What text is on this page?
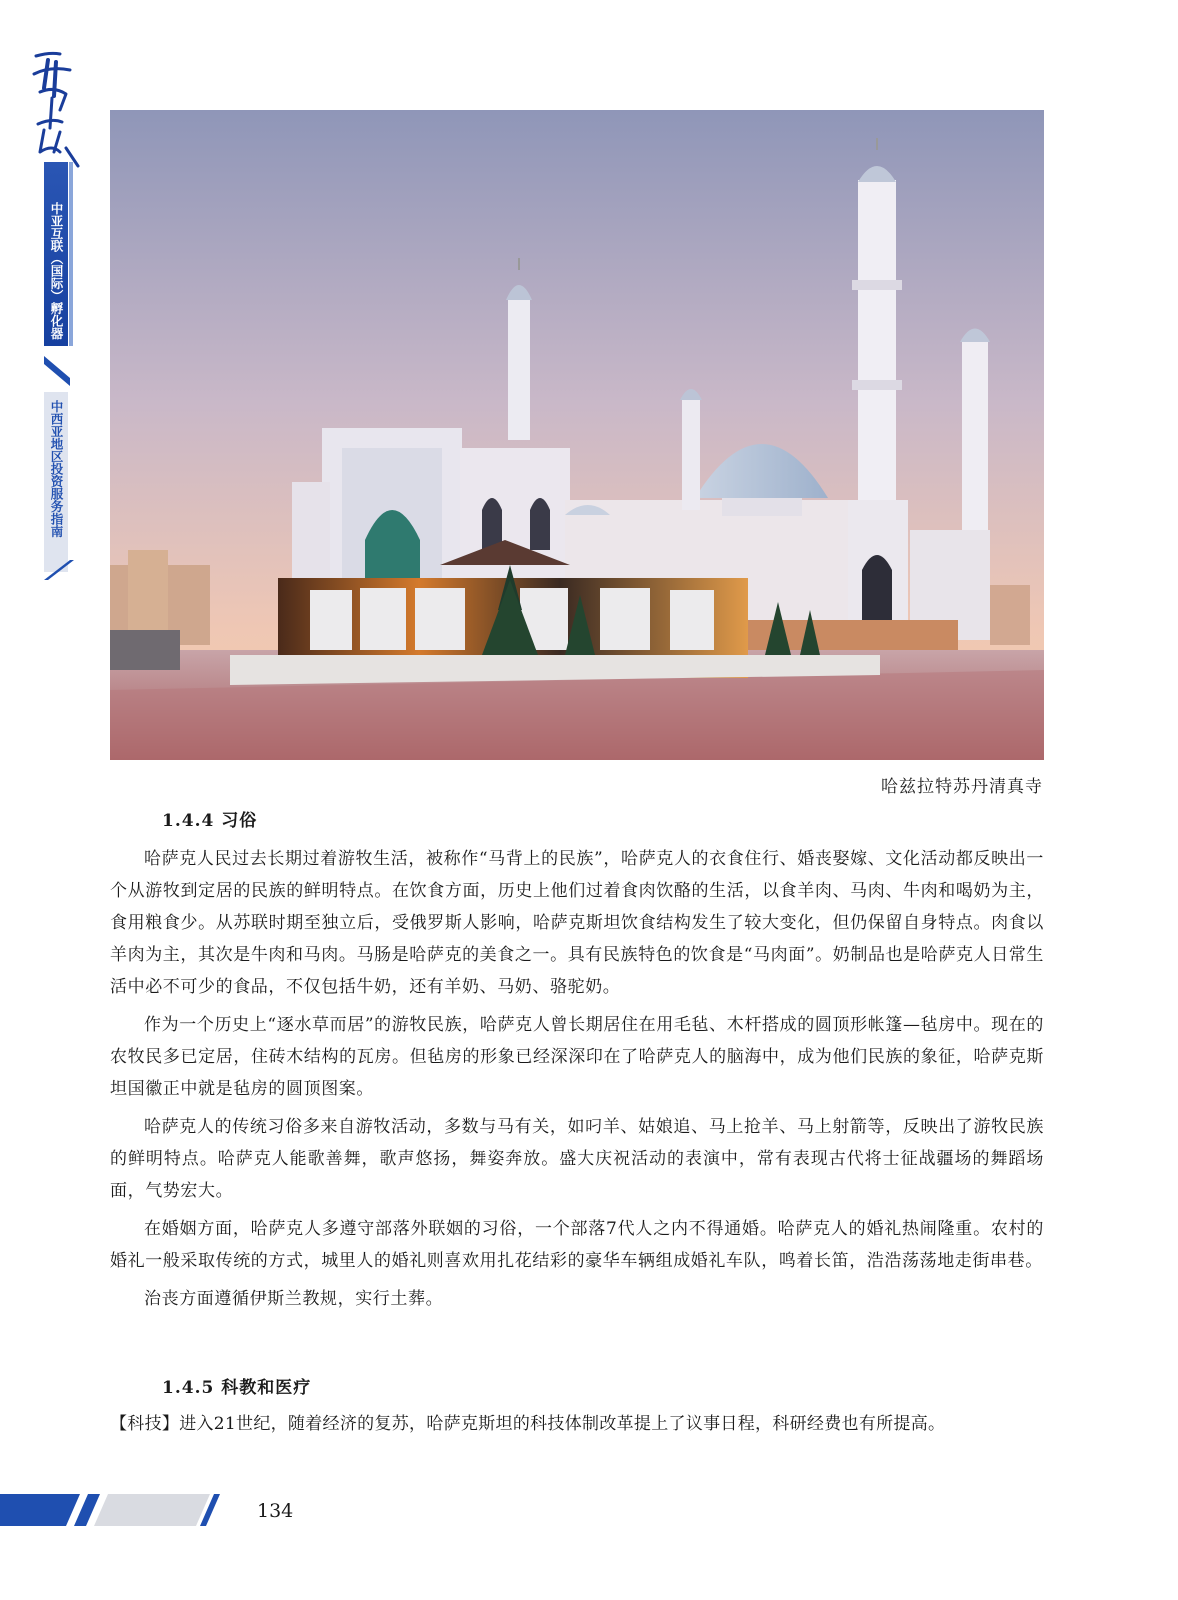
中亚互联（国际）孵化器
中西亚地区投资服务指南
哈兹拉特苏丹清真寺
1.4.4 习俗

哈萨克人民过去长期过着游牧生活，被称作“马背上的民族”，哈萨克人的衣食住行、婚丧娶嫁、文化活动都反映出一个从游牧到定居的民族的鲜明特点。在饮食方面，历史上他们过着食肉饮酪的生活，以食羊肉、马肉、牛肉和喝奶为主，食用粮食少。从苏联时期至独立后，受俄罗斯人影响，哈萨克斯坦饮食结构发生了较大变化，但仍保留自身特点。肉食以羊肉为主，其次是牛肉和马肉。马肠是哈萨克的美食之一。具有民族特色的饮食是“马肉面”。奶制品也是哈萨克人日常生活中必不可少的食品，不仅包括牛奶，还有羊奶、马奶、骆驼奶。

作为一个历史上“逐水草而居”的游牧民族，哈萨克人曾长期居住在用毛毡、木杆搭成的圆顶形帐篷—毡房中。现在的农牧民多已定居，住砖木结构的瓦房。但毡房的形象已经深深印在了哈萨克人的脑海中，成为他们民族的象征，哈萨克斯坦国徽正中就是毡房的圆顶图案。

哈萨克人的传统习俗多来自游牧活动，多数与马有关，如叼羊、姑娘追、马上抢羊、马上射箭等，反映出了游牧民族的鲜明特点。哈萨克人能歌善舞，歌声悠扬，舞姿奔放。盛大庆祝活动的表演中，常有表现古代将士征战疆场的舞蹈场面，气势宏大。

在婚姻方面，哈萨克人多遵守部落外联姻的习俗，一个部落7代人之内不得通婚。哈萨克人的婚礼热闹隆重。农村的婚礼一般采取传统的方式，城里人的婚礼则喜欢用扎花结彩的豪华车辆组成婚礼车队，鸣着长笛，浩浩荡荡地走街串巷。

治丧方面遵循伊斯兰教规，实行土葬。

1.4.5 科教和医疗
【科技】进入21世纪，随着经济的复苏，哈萨克斯坦的科技体制改革提上了议事日程，科研经费也有所提高。
134
